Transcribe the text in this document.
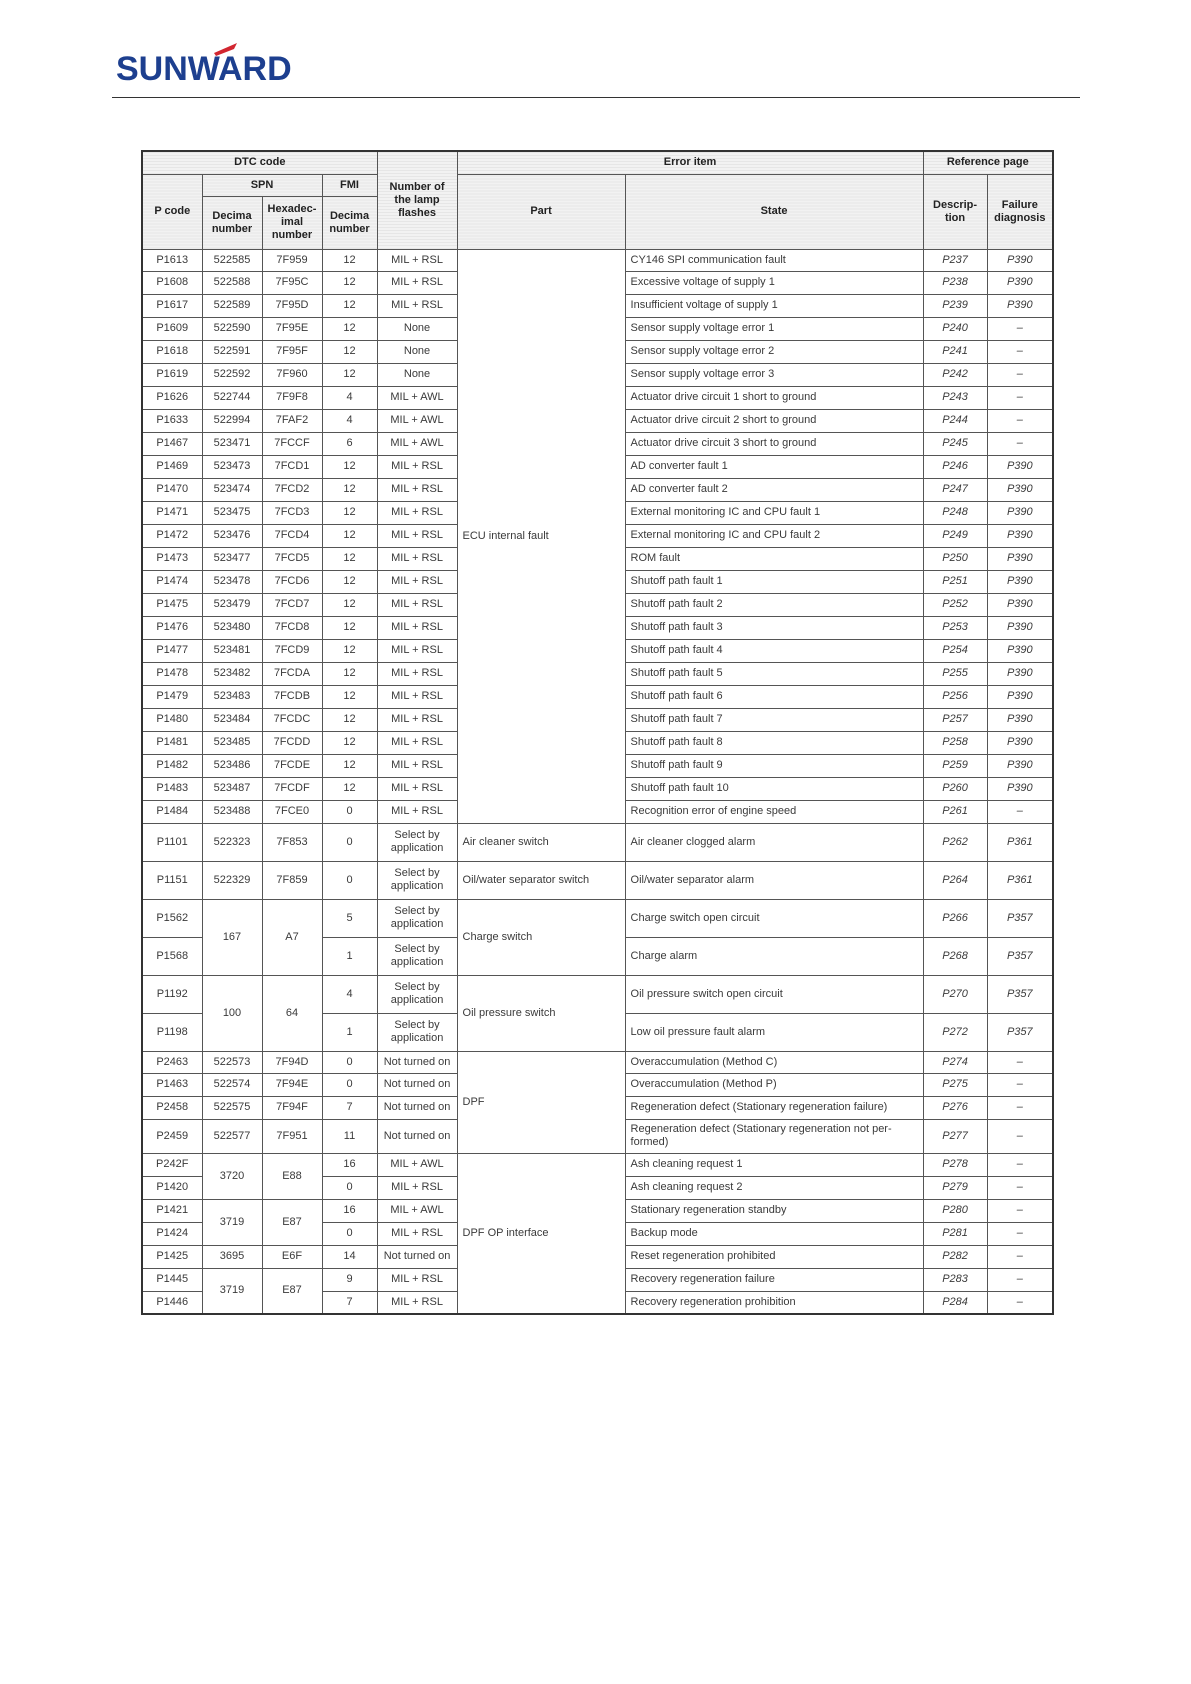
SUNWARD
DTC code				Number of the lamp flashes	Error item		Reference page	
P code	SPN		FMI		Part	State	Descrip-tion	Failure diagnosis
	Decima number	Hexadec-imal number	Decima number					
P1613	522585	7F959	12	MIL + RSL	ECU internal fault	CY146 SPI communication fault	P237	P390
P1608	522588	7F95C	12	MIL + RSL		Excessive voltage of supply 1	P238	P390
P1617	522589	7F95D	12	MIL + RSL		Insufficient voltage of supply 1	P239	P390
P1609	522590	7F95E	12	None		Sensor supply voltage error 1	P240	–
P1618	522591	7F95F	12	None		Sensor supply voltage error 2	P241	–
P1619	522592	7F960	12	None		Sensor supply voltage error 3	P242	–
P1626	522744	7F9F8	4	MIL + AWL		Actuator drive circuit 1 short to ground	P243	–
P1633	522994	7FAF2	4	MIL + AWL		Actuator drive circuit 2 short to ground	P244	–
P1467	523471	7FCCF	6	MIL + AWL		Actuator drive circuit 3 short to ground	P245	–
P1469	523473	7FCD1	12	MIL + RSL		AD converter fault 1	P246	P390
P1470	523474	7FCD2	12	MIL + RSL		AD converter fault 2	P247	P390
P1471	523475	7FCD3	12	MIL + RSL		External monitoring IC and CPU fault 1	P248	P390
P1472	523476	7FCD4	12	MIL + RSL		External monitoring IC and CPU fault 2	P249	P390
P1473	523477	7FCD5	12	MIL + RSL		ROM fault	P250	P390
P1474	523478	7FCD6	12	MIL + RSL		Shutoff path fault 1	P251	P390
P1475	523479	7FCD7	12	MIL + RSL		Shutoff path fault 2	P252	P390
P1476	523480	7FCD8	12	MIL + RSL		Shutoff path fault 3	P253	P390
P1477	523481	7FCD9	12	MIL + RSL		Shutoff path fault 4	P254	P390
P1478	523482	7FCDA	12	MIL + RSL		Shutoff path fault 5	P255	P390
P1479	523483	7FCDB	12	MIL + RSL		Shutoff path fault 6	P256	P390
P1480	523484	7FCDC	12	MIL + RSL		Shutoff path fault 7	P257	P390
P1481	523485	7FCDD	12	MIL + RSL		Shutoff path fault 8	P258	P390
P1482	523486	7FCDE	12	MIL + RSL		Shutoff path fault 9	P259	P390
P1483	523487	7FCDF	12	MIL + RSL		Shutoff path fault 10	P260	P390
P1484	523488	7FCE0	0	MIL + RSL		Recognition error of engine speed	P261	–
P1101	522323	7F853	0	Select by application	Air cleaner switch	Air cleaner clogged alarm	P262	P361
P1151	522329	7F859	0	Select by application	Oil/water separator switch	Oil/water separator alarm	P264	P361
P1562	167	A7	5	Select by application	Charge switch	Charge switch open circuit	P266	P357
P1568			1	Select by application		Charge alarm	P268	P357
P1192	100	64	4	Select by application	Oil pressure switch	Oil pressure switch open circuit	P270	P357
P1198			1	Select by application		Low oil pressure fault alarm	P272	P357
P2463	522573	7F94D	0	Not turned on	DPF	Overaccumulation (Method C)	P274	–
P1463	522574	7F94E	0	Not turned on		Overaccumulation (Method P)	P275	–
P2458	522575	7F94F	7	Not turned on		Regeneration defect (Stationary regeneration failure)	P276	–
P2459	522577	7F951	11	Not turned on		Regeneration defect (Stationary regeneration not per-formed)	P277	–
P242F	3720	E88	16	MIL + AWL	DPF OP interface	Ash cleaning request 1	P278	–
P1420			0	MIL + RSL		Ash cleaning request 2	P279	–
P1421	3719	E87	16	MIL + AWL		Stationary regeneration standby	P280	–
P1424			0	MIL + RSL		Backup mode	P281	–
P1425	3695	E6F	14	Not turned on		Reset regeneration prohibited	P282	–
P1445	3719	E87	9	MIL + RSL		Recovery regeneration failure	P283	–
P1446			7	MIL + RSL		Recovery regeneration prohibition	P284	–
